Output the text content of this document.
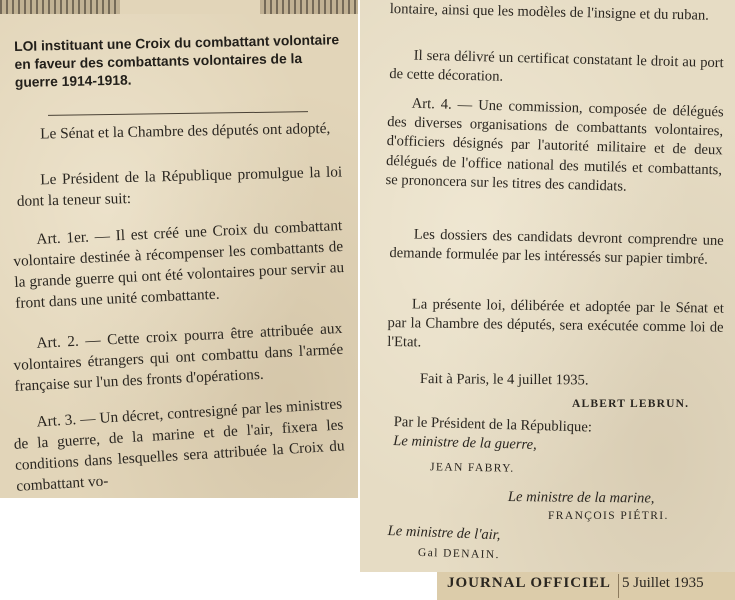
LOI instituant une Croix du combattant volontaire en faveur des combattants volontaires de la guerre 1914-1918.

Le Sénat et la Chambre des députés ont adopté,

Le Président de la République promulgue la loi dont la teneur suit:

Art. 1er. — Il est créé une Croix du combattant volontaire destinée à récompenser les combattants de la grande guerre qui ont été volontaires pour servir au front dans une unité combattante.

Art. 2. — Cette croix pourra être attribuée aux volontaires étrangers qui ont combattu dans l'armée française sur l'un des fronts d'opérations.

Art. 3. — Un décret, contresigné par les ministres de la guerre, de la marine et de l'air, fixera les conditions dans lesquelles sera attribuée la Croix du combattant vo-

lontaire, ainsi que les modèles de l'insigne et du ruban.

Il sera délivré un certificat constatant le droit au port de cette décoration.

Art. 4. — Une commission, composée de délégués des diverses organisations de combattants volontaires, d'officiers désignés par l'autorité militaire et de deux délégués de l'office national des mutilés et combattants, se prononcera sur les titres des candidats.

Les dossiers des candidats devront comprendre une demande formulée par les intéressés sur papier timbré.

La présente loi, délibérée et adoptée par le Sénat et par la Chambre des députés, sera exécutée comme loi de l'Etat.

Fait à Paris, le 4 juillet 1935.

ALBERT LEBRUN.

Par le Président de la République:
Le ministre de la guerre,

JEAN FABRY.

Le ministre de la marine,

FRANÇOIS PIÉTRI.

Le ministre de l'air,

Gal DENAIN.

JOURNAL OFFICIEL 5 Juillet 1935
